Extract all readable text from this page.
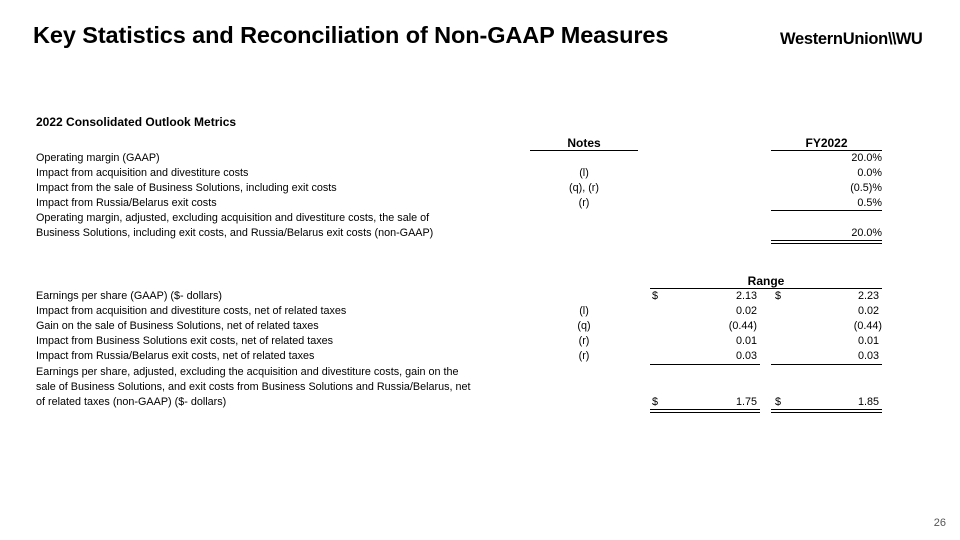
Key Statistics and Reconciliation of Non-GAAP Measures	WesternUnion\\WU
2022 Consolidated Outlook Metrics
Notes	FY2022
Operating margin (GAAP)	20.0%
Impact from acquisition and divestiture costs	(l)	0.0%
Impact from the sale of Business Solutions, including exit costs	(q), (r)	(0.5)%
Impact from Russia/Belarus exit costs	(r)	0.5%
Operating margin, adjusted, excluding acquisition and divestiture costs, the sale of
Business Solutions, including exit costs, and Russia/Belarus exit costs (non-GAAP)	20.0%
Range
Earnings per share (GAAP) ($- dollars)	$	2.13 $	2.23
Impact from acquisition and divestiture costs, net of related taxes	(l)	0.02	0.02
Gain on the sale of Business Solutions, net of related taxes	(q)	(0.44)	(0.44)
Impact from Business Solutions exit costs, net of related taxes	(r)	0.01	0.01
Impact from Russia/Belarus exit costs, net of related taxes	(r)	0.03	0.03
Earnings per share, adjusted, excluding the acquisition and divestiture costs, gain on the
sale of Business Solutions, and exit costs from Business Solutions and Russia/Belarus, net
of related taxes (non-GAAP) ($- dollars)	$	1.75 $	1.85
26
